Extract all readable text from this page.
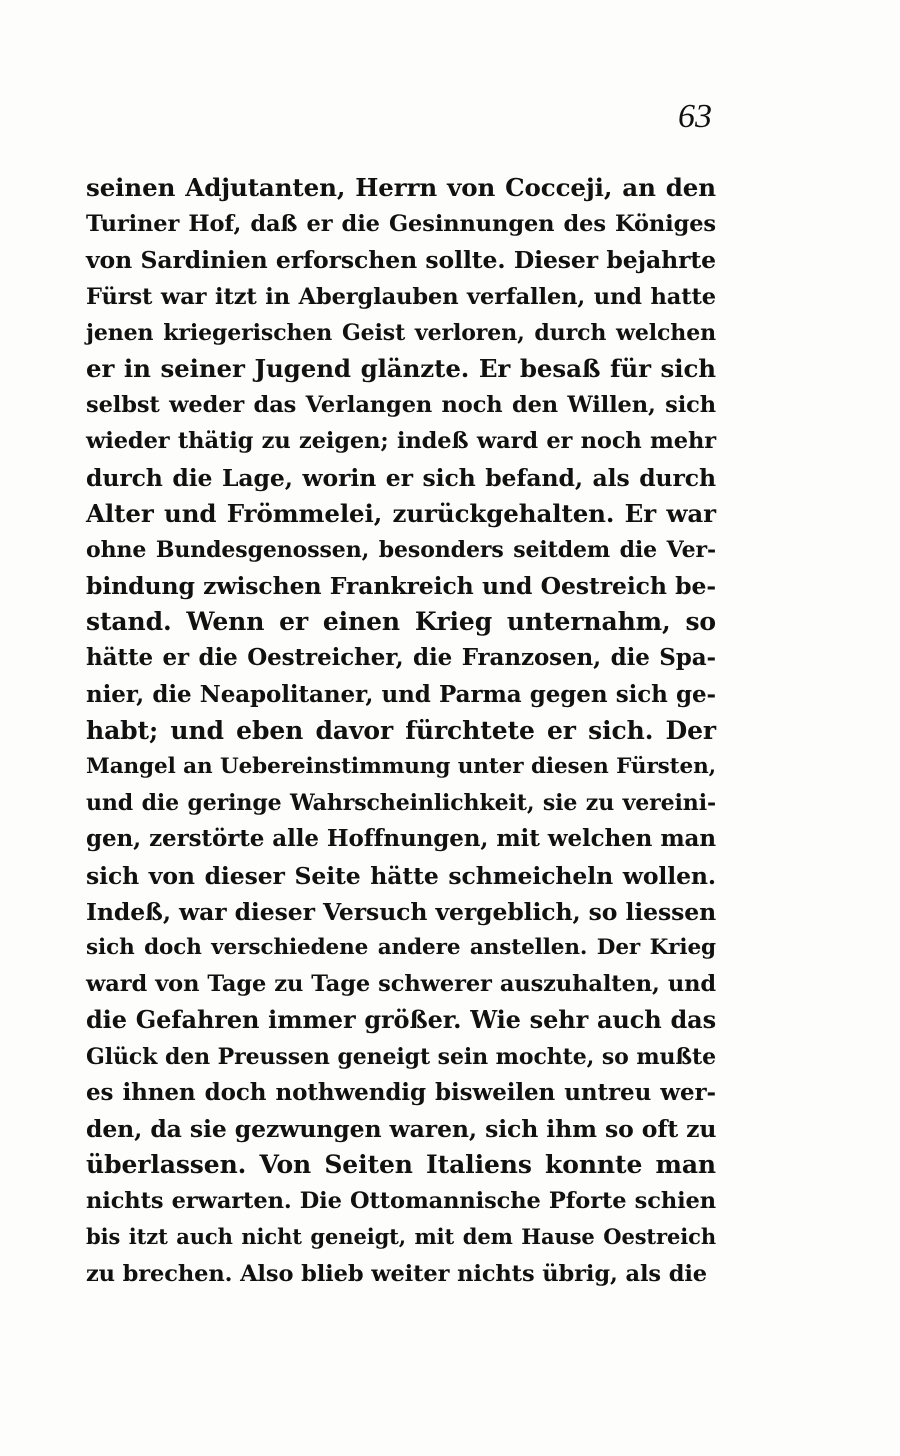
63
seinen Adjutanten, Herrn von Cocceji, an den
Turiner Hof, daß er die Gesinnungen des Königes
von Sardinien erforschen sollte. Dieser bejahrte
Fürst war itzt in Aberglauben verfallen, und hatte
jenen kriegerischen Geist verloren, durch welchen
er in seiner Jugend glänzte. Er besaß für sich
selbst weder das Verlangen noch den Willen, sich
wieder thätig zu zeigen; indeß ward er noch mehr
durch die Lage, worin er sich befand, als durch
Alter und Frömmelei, zurückgehalten. Er war
ohne Bundesgenossen, besonders seitdem die Ver-
bindung zwischen Frankreich und Oestreich be-
stand. Wenn er einen Krieg unternahm, so
hätte er die Oestreicher, die Franzosen, die Spa-
nier, die Neapolitaner, und Parma gegen sich ge-
habt; und eben davor fürchtete er sich. Der
Mangel an Uebereinstimmung unter diesen Fürsten,
und die geringe Wahrscheinlichkeit, sie zu vereini-
gen, zerstörte alle Hoffnungen, mit welchen man
sich von dieser Seite hätte schmeicheln wollen.
Indeß, war dieser Versuch vergeblich, so liessen
sich doch verschiedene andere anstellen. Der Krieg
ward von Tage zu Tage schwerer auszuhalten, und
die Gefahren immer größer. Wie sehr auch das
Glück den Preussen geneigt sein mochte, so mußte
es ihnen doch nothwendig bisweilen untreu wer-
den, da sie gezwungen waren, sich ihm so oft zu
überlassen. Von Seiten Italiens konnte man
nichts erwarten. Die Ottomannische Pforte schien
bis itzt auch nicht geneigt, mit dem Hause Oestreich
zu brechen. Also blieb weiter nichts übrig, als die
